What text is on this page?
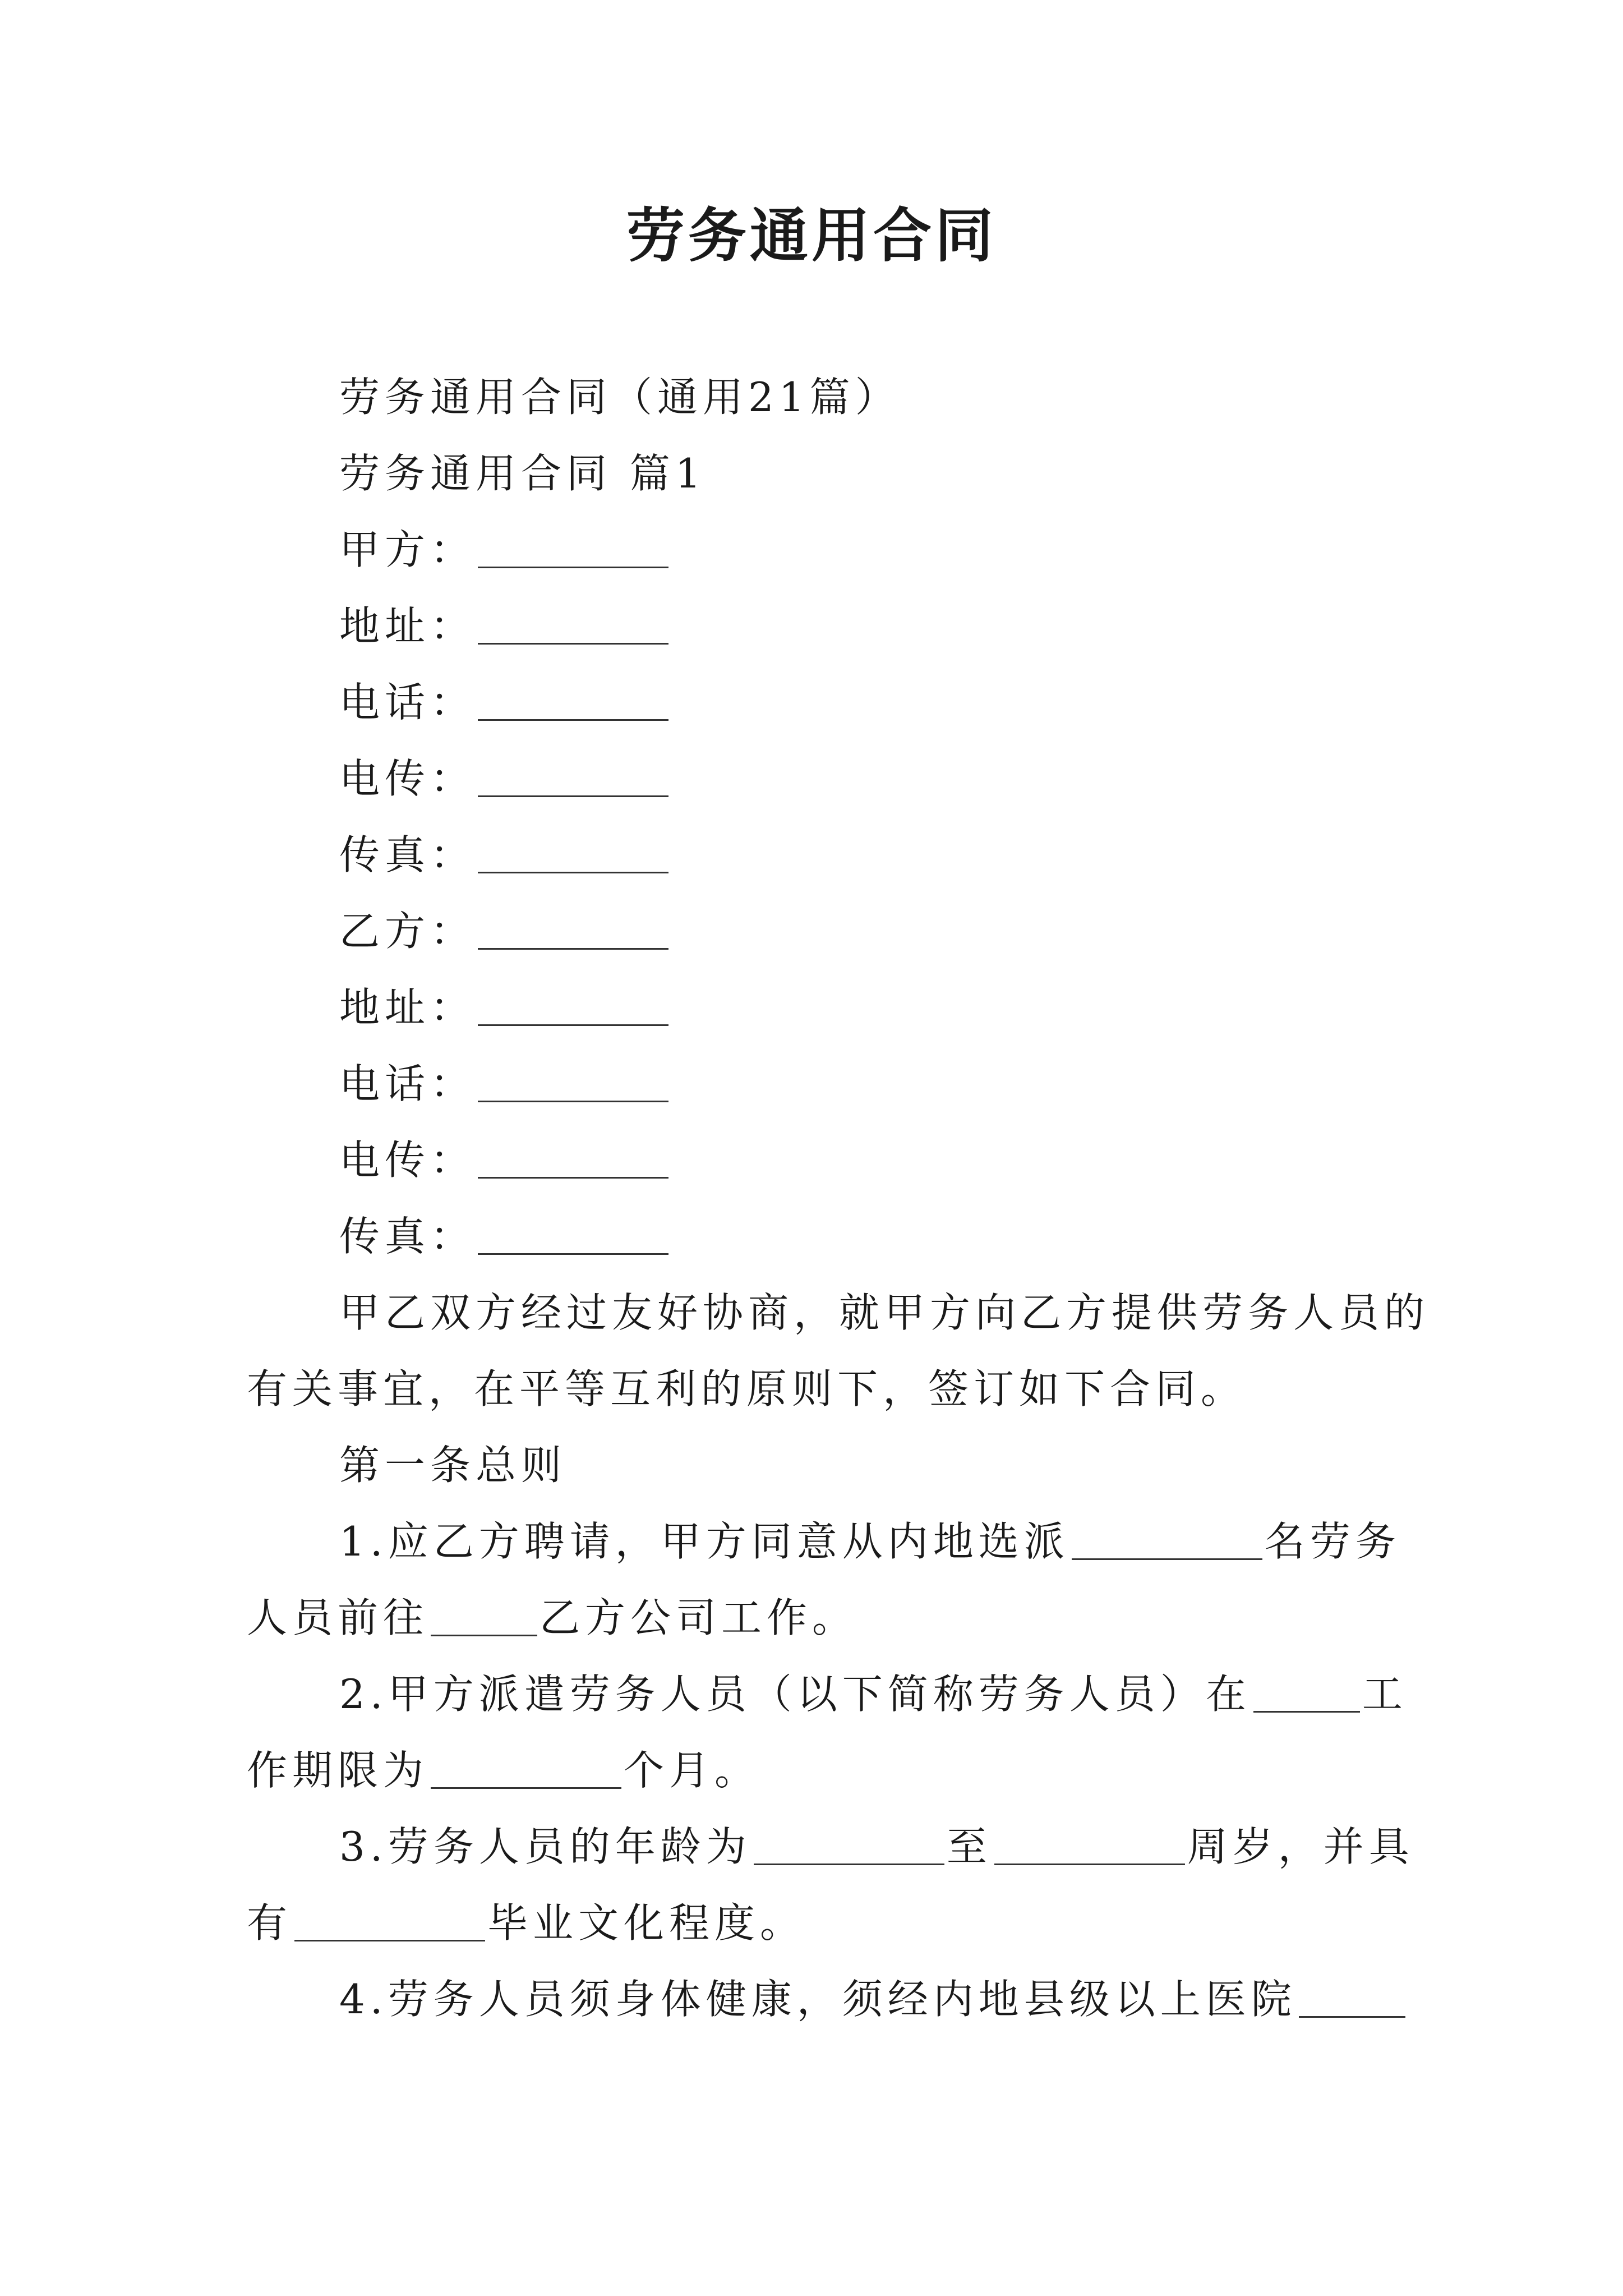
劳务通用合同
劳务通用合同（通用21篇）
劳务通用合同 篇1
甲方：
地址：
电话：
电传：
传真：
乙方：
地址：
电话：
电传：
传真：
甲乙双方经过友好协商，就甲方向乙方提供劳务人员的
有关事宜，在平等互利的原则下，签订如下合同。
第一条总则
1.应乙方聘请，甲方同意从内地选派	名劳务
人员前往	乙方公司工作。
2.甲方派遣劳务人员（以下简称劳务人员）在	工
作期限为	个月。
3.劳务人员的年龄为	至	周岁，并具
有	毕业文化程度。
4.劳务人员须身体健康，须经内地县级以上医院
